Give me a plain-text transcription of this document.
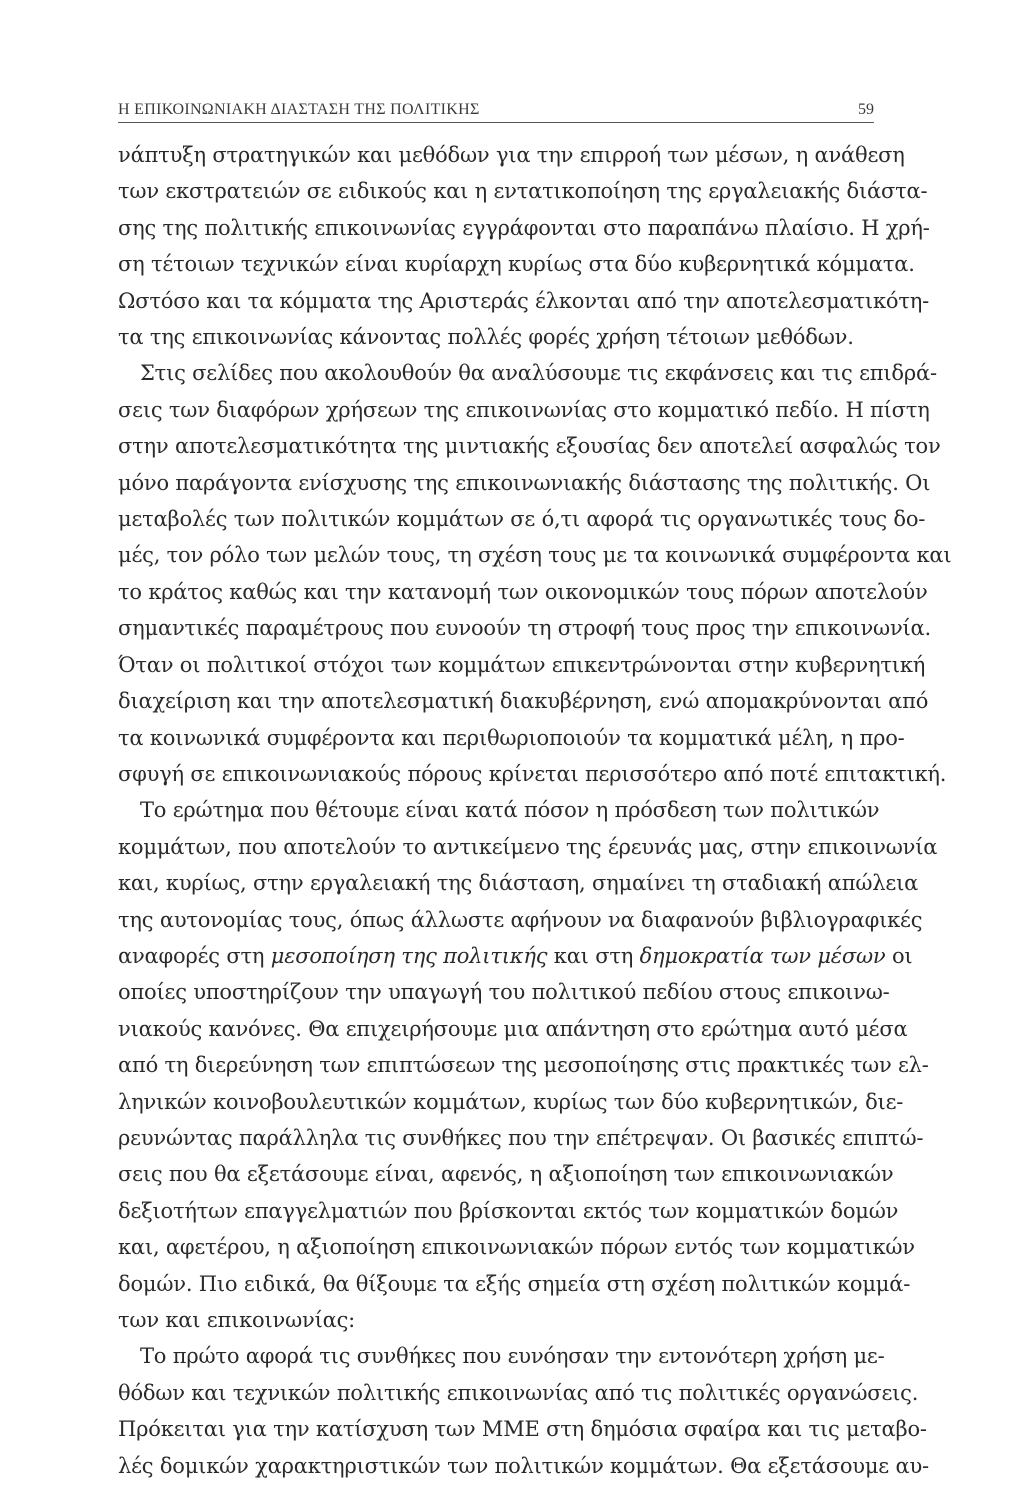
Η ΕΠΙΚΟΙΝΩΝΙΑΚΗ ΔΙΑΣΤΑΣΗ ΤΗΣ ΠΟΛΙΤΙΚΗΣ	59
νάπτυξη στρατηγικών και μεθόδων για την επιρροή των μέσων, η ανάθεση
των εκστρατειών σε ειδικούς και η εντατικοποίηση της εργαλειακής διάστα-
σης της πολιτικής επικοινωνίας εγγράφονται στο παραπάνω πλαίσιο. Η χρή-
ση τέτοιων τεχνικών είναι κυρίαρχη κυρίως στα δύο κυβερνητικά κόμματα.
Ωστόσο και τα κόμματα της Αριστεράς έλκονται από την αποτελεσματικότη-
τα της επικοινωνίας κάνοντας πολλές φορές χρήση τέτοιων μεθόδων.
Στις σελίδες που ακολουθούν θα αναλύσουμε τις εκφάνσεις και τις επιδρά-
σεις των διαφόρων χρήσεων της επικοινωνίας στο κομματικό πεδίο. Η πίστη
στην αποτελεσματικότητα της μιντιακής εξουσίας δεν αποτελεί ασφαλώς τον
μόνο παράγοντα ενίσχυσης της επικοινωνιακής διάστασης της πολιτικής. Οι
μεταβολές των πολιτικών κομμάτων σε ό,τι αφορά τις οργανωτικές τους δο-
μές, τον ρόλο των μελών τους, τη σχέση τους με τα κοινωνικά συμφέροντα και
το κράτος καθώς και την κατανομή των οικονομικών τους πόρων αποτελούν
σημαντικές παραμέτρους που ευνοούν τη στροφή τους προς την επικοινωνία.
Όταν οι πολιτικοί στόχοι των κομμάτων επικεντρώνονται στην κυβερνητική
διαχείριση και την αποτελεσματική διακυβέρνηση, ενώ απομακρύνονται από
τα κοινωνικά συμφέροντα και περιθωριοποιούν τα κομματικά μέλη, η προ-
σφυγή σε επικοινωνιακούς πόρους κρίνεται περισσότερο από ποτέ επιτακτική.
Το ερώτημα που θέτουμε είναι κατά πόσον η πρόσδεση των πολιτικών
κομμάτων, που αποτελούν το αντικείμενο της έρευνάς μας, στην επικοινωνία
και, κυρίως, στην εργαλειακή της διάσταση, σημαίνει τη σταδιακή απώλεια
της αυτονομίας τους, όπως άλλωστε αφήνουν να διαφανούν βιβλιογραφικές
αναφορές στη μεσοποίηση της πολιτικής και στη δημοκρατία των μέσων οι
οποίες υποστηρίζουν την υπαγωγή του πολιτικού πεδίου στους επικοινω-
νιακούς κανόνες. Θα επιχειρήσουμε μια απάντηση στο ερώτημα αυτό μέσα
από τη διερεύνηση των επιπτώσεων της μεσοποίησης στις πρακτικές των ελ-
ληνικών κοινοβουλευτικών κομμάτων, κυρίως των δύο κυβερνητικών, διε-
ρευνώντας παράλληλα τις συνθήκες που την επέτρεψαν. Οι βασικές επιπτώ-
σεις που θα εξετάσουμε είναι, αφενός, η αξιοποίηση των επικοινωνιακών
δεξιοτήτων επαγγελματιών που βρίσκονται εκτός των κομματικών δομών
και, αφετέρου, η αξιοποίηση επικοινωνιακών πόρων εντός των κομματικών
δομών. Πιο ειδικά, θα θίξουμε τα εξής σημεία στη σχέση πολιτικών κομμά-
των και επικοινωνίας:
Το πρώτο αφορά τις συνθήκες που ευνόησαν την εντονότερη χρήση με-
θόδων και τεχνικών πολιτικής επικοινωνίας από τις πολιτικές οργανώσεις.
Πρόκειται για την κατίσχυση των ΜΜΕ στη δημόσια σφαίρα και τις μεταβο-
λές δομικών χαρακτηριστικών των πολιτικών κομμάτων. Θα εξετάσουμε αυ-
